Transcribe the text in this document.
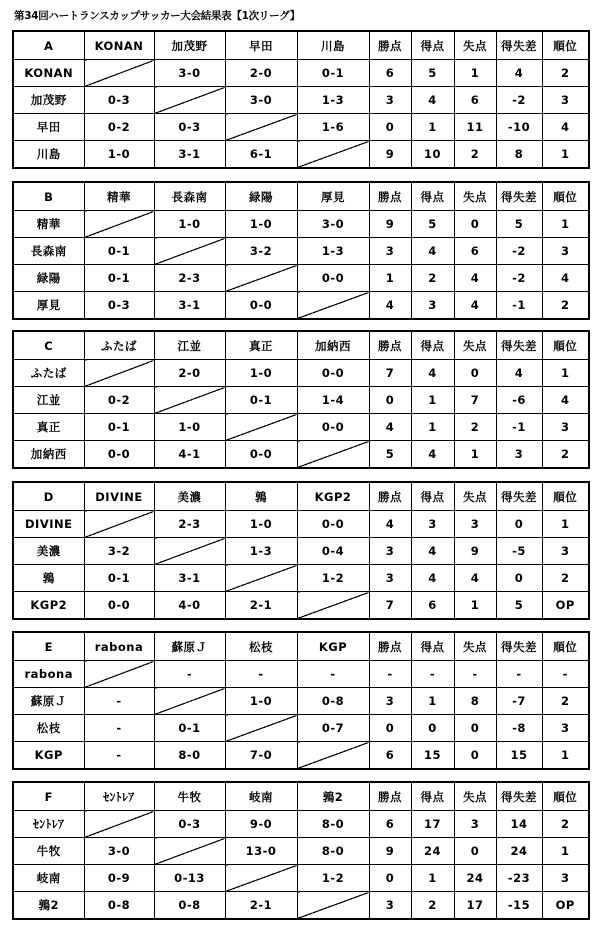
第34回ハートランスカップサッカー大会結果表【1次リーグ】
A	KONAN	加茂野	早田	川島	勝点	得点	失点	得失差	順位
KONAN		3-0	2-0	0-1	6	5	1	4	2
加茂野	0-3		3-0	1-3	3	4	6	-2	3
早田	0-2	0-3		1-6	0	1	11	-10	4
川島	1-0	3-1	6-1		9	10	2	8	1
B	精華	長森南	緑陽	厚見	勝点	得点	失点	得失差	順位
精華		1-0	1-0	3-0	9	5	0	5	1
長森南	0-1		3-2	1-3	3	4	6	-2	3
緑陽	0-1	2-3		0-0	1	2	4	-2	4
厚見	0-3	3-1	0-0		4	3	4	-1	2
C	ふたば	江並	真正	加納西	勝点	得点	失点	得失差	順位
ふたば		2-0	1-0	0-0	7	4	0	4	1
江並	0-2		0-1	1-4	0	1	7	-6	4
真正	0-1	1-0		0-0	4	1	2	-1	3
加納西	0-0	4-1	0-0		5	4	1	3	2
D	DIVINE	美濃	鶉	KGP2	勝点	得点	失点	得失差	順位
DIVINE		2-3	1-0	0-0	4	3	3	0	1
美濃	3-2		1-3	0-4	3	4	9	-5	3
鶉	0-1	3-1		1-2	3	4	4	0	2
KGP2	0-0	4-0	2-1		7	6	1	5	OP
E	rabona	蘇原Ｊ	松枝	KGP	勝点	得点	失点	得失差	順位
rabona		-	-	-	-	-	-	-	-
蘇原Ｊ	-		1-0	0-8	3	1	8	-7	2
松枝	-	0-1		0-7	0	0	0	-8	3
KGP	-	8-0	7-0		6	15	0	15	1
F	ｾﾝﾄﾚｱ	牛牧	岐南	鶉2	勝点	得点	失点	得失差	順位
ｾﾝﾄﾚｱ		0-3	9-0	8-0	6	17	3	14	2
牛牧	3-0		13-0	8-0	9	24	0	24	1
岐南	0-9	0-13		1-2	0	1	24	-23	3
鶉2	0-8	0-8	2-1		3	2	17	-15	OP
